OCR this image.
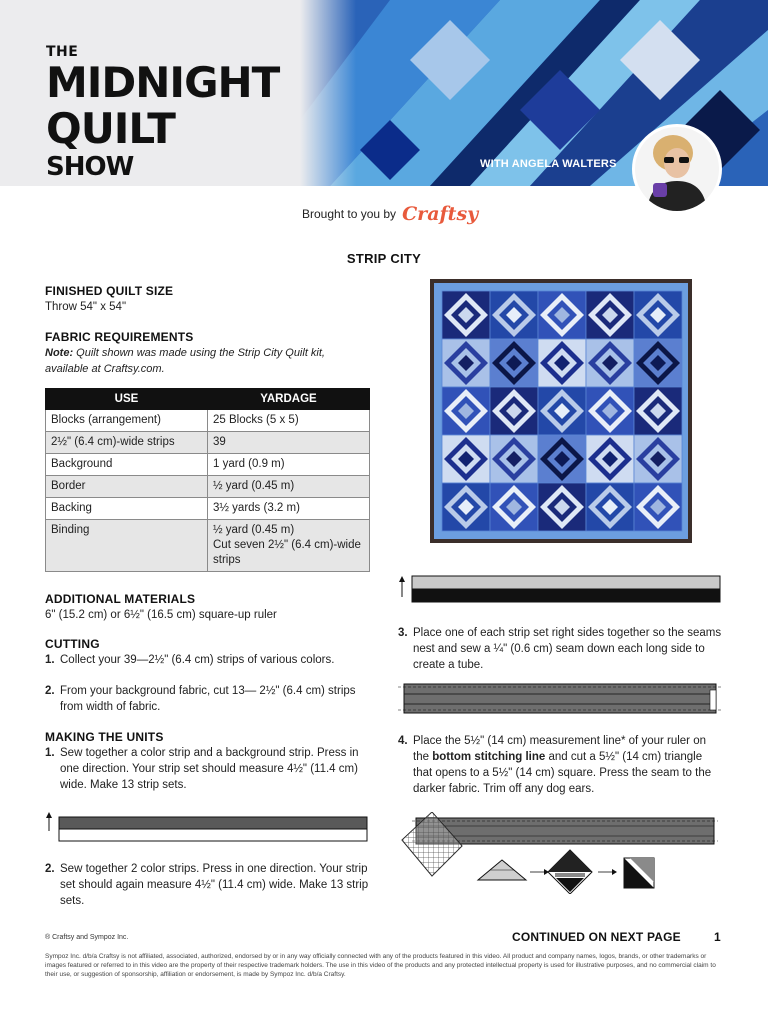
THE
MIDNIGHT
QUILT
SHOW	WITH ANGELA WALTERS
Brought to you by Craftsy
STRIP CITY
FINISHED QUILT SIZE
Throw 54" x 54"
FABRIC REQUIREMENTS
Note: Quilt shown was made using the Strip City Quilt kit, available at Craftsy.com.
USE	YARDAGE
Blocks (arrangement)	25 Blocks (5 x 5)
2½" (6.4 cm)-wide strips	39
Background	1 yard (0.9 m)
Border	½ yard (0.45 m)
Backing	3½ yards (3.2 m)
Binding	½ yard (0.45 m)
Cut seven 2½" (6.4 cm)-wide strips
ADDITIONAL MATERIALS
6" (15.2 cm) or 6½" (16.5 cm) square-up ruler
CUTTING
1. Collect your 39—2½" (6.4 cm) strips of various colors.
2. From your background fabric, cut 13— 2½" (6.4 cm) strips from width of fabric.
MAKING THE UNITS
1. Sew together a color strip and a background strip. Press in one direction. Your strip set should measure 4½" (11.4 cm) wide. Make 13 strip sets.
2. Sew together 2 color strips. Press in one direction. Your strip set should again measure 4½" (11.4 cm) wide. Make 13 strip sets.
3. Place one of each strip set right sides together so the seams nest and sew a ¼" (0.6 cm) seam down each long side to create a tube.
4. Place the 5½" (14 cm) measurement line* of your ruler on the bottom stitching line and cut a 5½" (14 cm) triangle that opens to a 5½" (14 cm) square. Press the seam to the darker fabric. Trim off any dog ears.
® Craftsy and Sympoz Inc.	CONTINUED ON NEXT PAGE	1
Sympoz Inc. d/b/a Craftsy is not affiliated, associated, authorized, endorsed by or in any way officially connected with any of the products featured in this video. All product and company names, logos, brands, or other trademarks or images featured or referred to in this video are the property of their respective trademark holders. The use in this video of the products and any protected intellectual property is used for illustrative purposes, and no commercial claim to their use, or suggestion of sponsorship, affiliation or endorsement, is made by Sympoz Inc. d/b/a Craftsy.
